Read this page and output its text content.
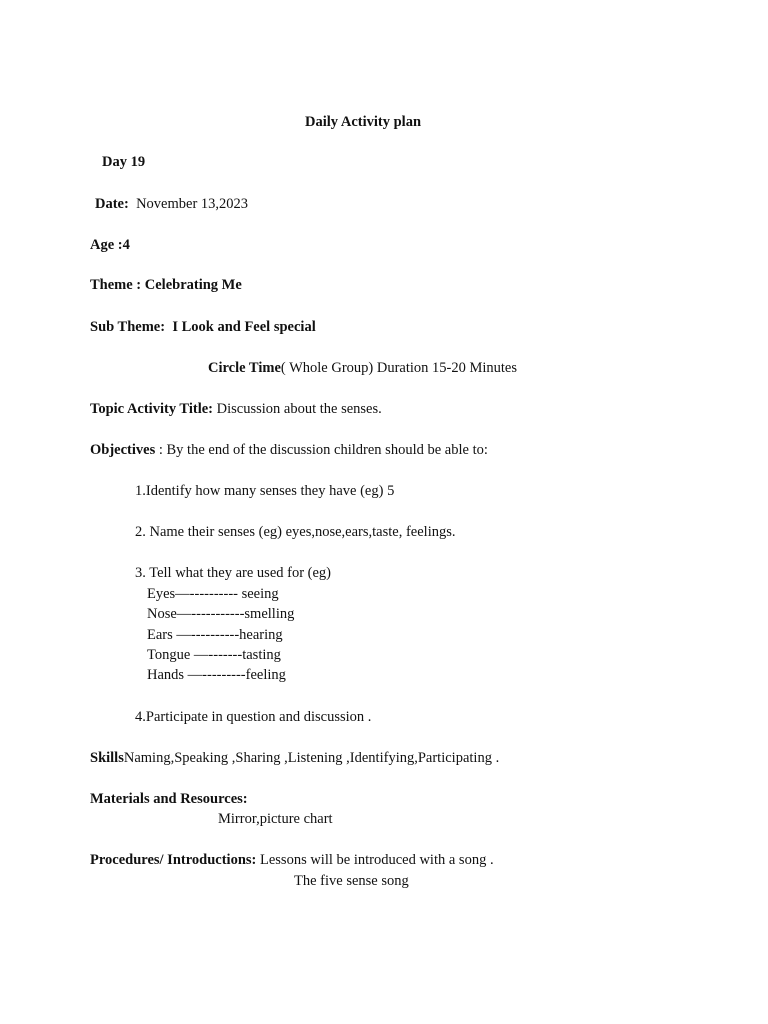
Daily Activity plan
Day 19
Date: November 13,2023
Age :4
Theme : Celebrating Me
Sub Theme:  I Look and Feel special
Circle Time( Whole Group) Duration 15-20 Minutes
Topic Activity Title: Discussion about the senses.
Objectives : By the end of the discussion children should be able to:
1.Identify how many senses they have (eg) 5
2. Name their senses (eg) eyes,nose,ears,taste, feelings.
3. Tell what they are used for (eg)
Eyes—---------- seeing
Nose—-----------smelling
Ears —----------hearing
Tongue —-------tasting
Hands —---------feeling
4.Participate in question and discussion .
SkillsNaming,Speaking ,Sharing ,Listening ,Identifying,Participating .
Materials and Resources:
Mirror,picture chart
Procedures/ Introductions: Lessons will be introduced with a song .
The five sense song
